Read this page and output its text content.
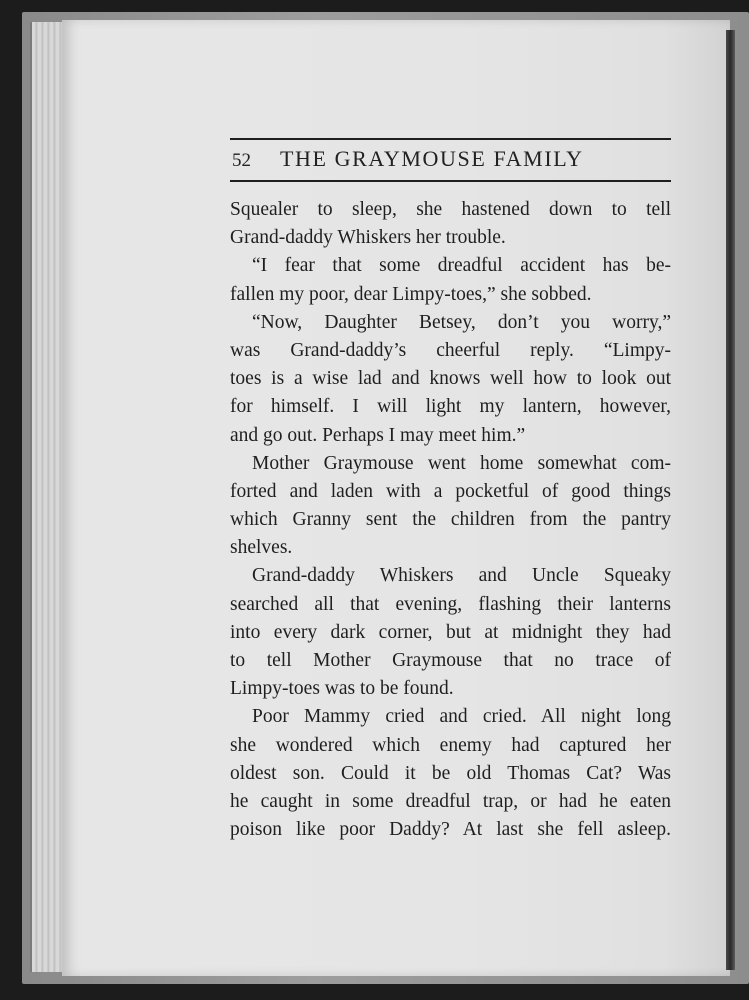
52 THE GRAYMOUSE FAMILY
Squealer to sleep, she hastened down to tell
Grand-daddy Whiskers her trouble.
“I fear that some dreadful accident has be-
fallen my poor, dear Limpy-toes,” she sobbed.
“Now, Daughter Betsey, don’t you worry,”
was Grand-daddy’s cheerful reply. “Limpy-
toes is a wise lad and knows well how to look out
for himself. I will light my lantern, however,
and go out. Perhaps I may meet him.”
Mother Graymouse went home somewhat com-
forted and laden with a pocketful of good things
which Granny sent the children from the pantry
shelves.
Grand-daddy Whiskers and Uncle Squeaky
searched all that evening, flashing their lanterns
into every dark corner, but at midnight they had
to tell Mother Graymouse that no trace of
Limpy-toes was to be found.
Poor Mammy cried and cried. All night long
she wondered which enemy had captured her
oldest son. Could it be old Thomas Cat? Was
he caught in some dreadful trap, or had he eaten
poison like poor Daddy? At last she fell asleep.
